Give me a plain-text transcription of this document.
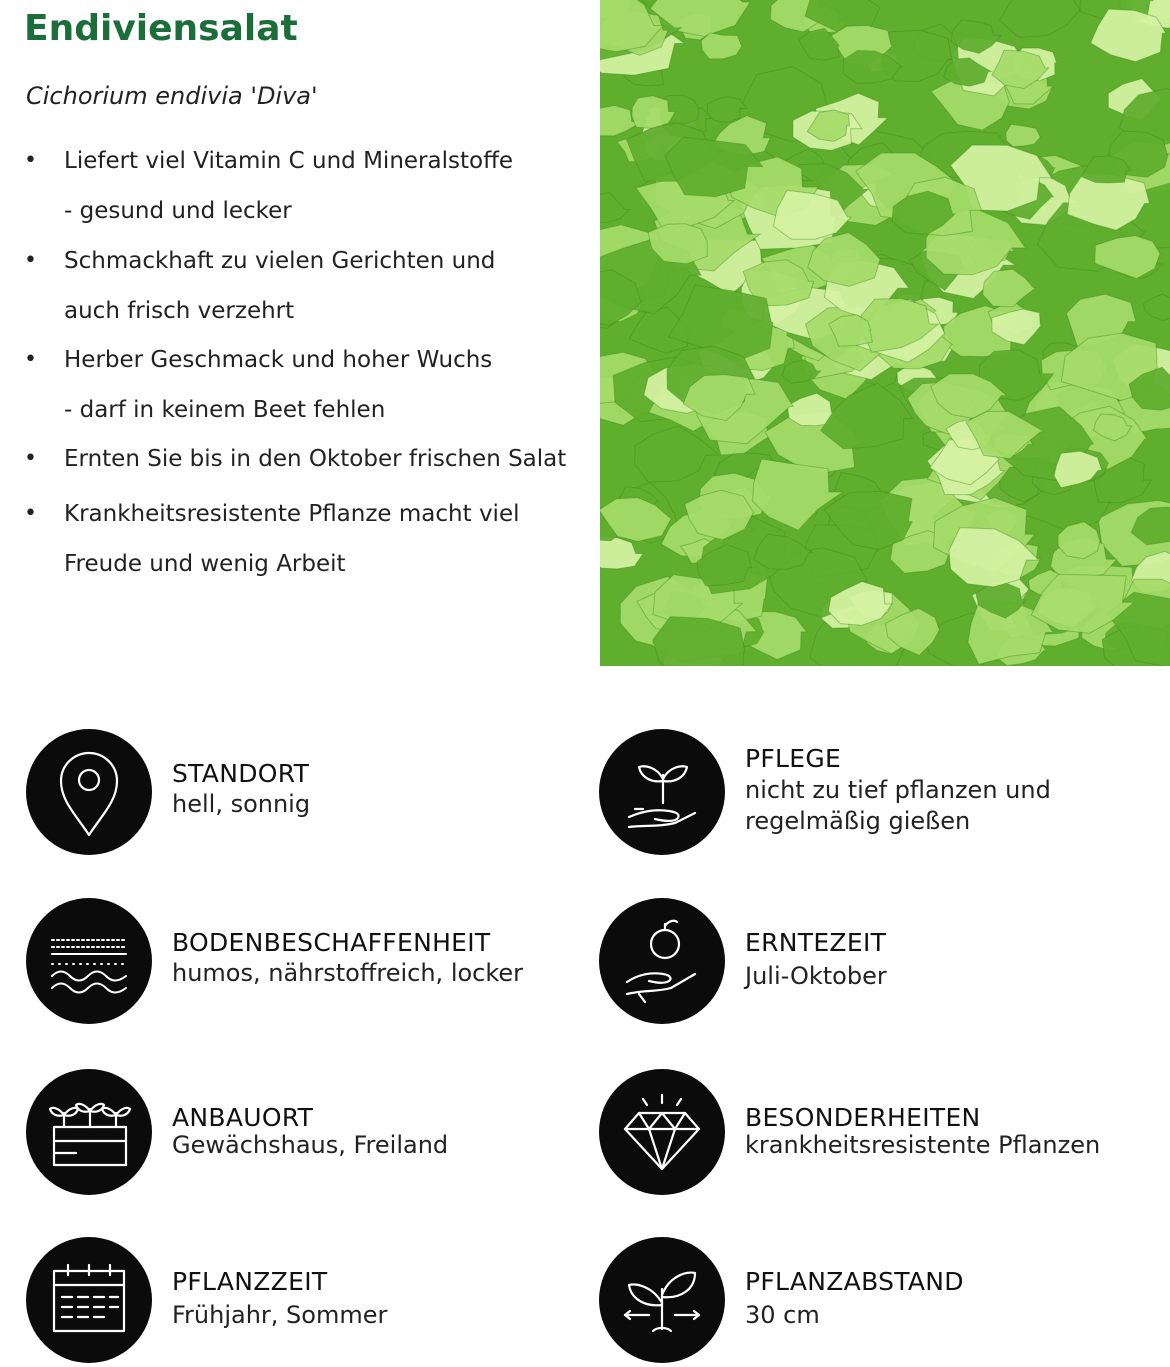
Endiviensalat

Cichorium endivia 'Diva'

• Liefert viel Vitamin C und Mineralstoffe
- gesund und lecker
• Schmackhaft zu vielen Gerichten und
auch frisch verzehrt
• Herber Geschmack und hoher Wuchs
- darf in keinem Beet fehlen
• Ernten Sie bis in den Oktober frischen Salat
• Krankheitsresistente Pflanze macht viel
Freude und wenig Arbeit
STANDORT
hell, sonnig
PFLEGE
nicht zu tief pflanzen und
regelmäßig gießen
BODENBESCHAFFENHEIT
humos, nährstoffreich, locker
ERNTEZEIT
Juli-Oktober
ANBAUORT
Gewächshaus, Freiland
BESONDERHEITEN
krankheitsresistente Pflanzen
PFLANZZEIT
Frühjahr, Sommer
PFLANZABSTAND
30 cm
